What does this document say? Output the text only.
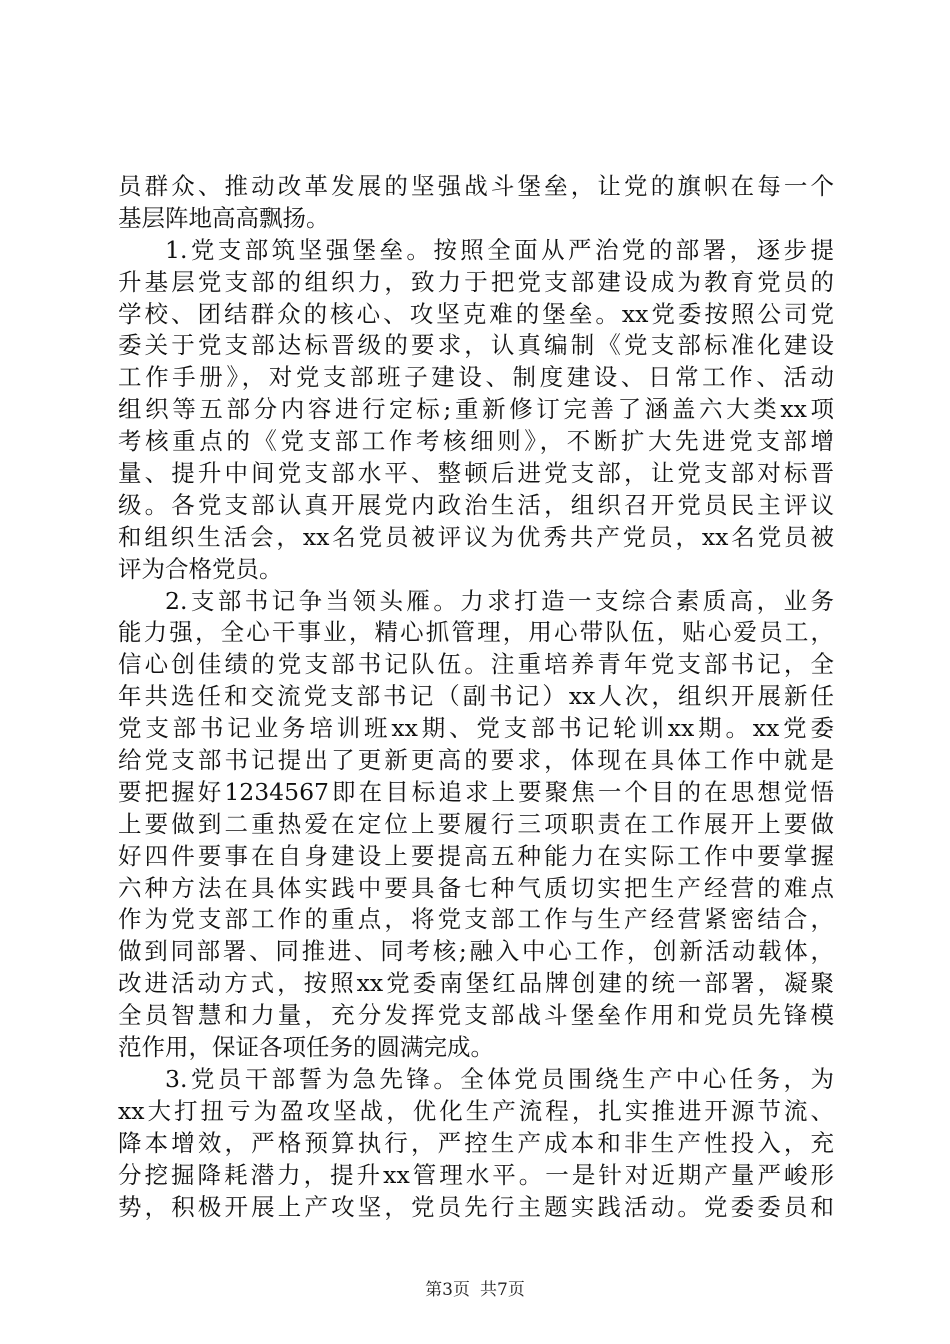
员群众、推动改革发展的坚强战斗堡垒，让党的旗帜在每一个
基层阵地高高飘扬。
1.党支部筑坚强堡垒。按照全面从严治党的部署，逐步提
升基层党支部的组织力，致力于把党支部建设成为教育党员的
学校、团结群众的核心、攻坚克难的堡垒。xx党委按照公司党
委关于党支部达标晋级的要求，认真编制《党支部标准化建设
工作手册》，对党支部班子建设、制度建设、日常工作、活动
组织等五部分内容进行定标;重新修订完善了涵盖六大类xx项
考核重点的《党支部工作考核细则》，不断扩大先进党支部增
量、提升中间党支部水平、整顿后进党支部，让党支部对标晋
级。各党支部认真开展党内政治生活，组织召开党员民主评议
和组织生活会，xx名党员被评议为优秀共产党员，xx名党员被
评为合格党员。
2.支部书记争当领头雁。力求打造一支综合素质高，业务
能力强，全心干事业，精心抓管理，用心带队伍，贴心爱员工，
信心创佳绩的党支部书记队伍。注重培养青年党支部书记，全
年共选任和交流党支部书记（副书记）xx人次，组织开展新任
党支部书记业务培训班xx期、党支部书记轮训xx期。xx党委
给党支部书记提出了更新更高的要求，体现在具体工作中就是
要把握好1234567即在目标追求上要聚焦一个目的在思想觉悟
上要做到二重热爱在定位上要履行三项职责在工作展开上要做
好四件要事在自身建设上要提高五种能力在实际工作中要掌握
六种方法在具体实践中要具备七种气质切实把生产经营的难点
作为党支部工作的重点，将党支部工作与生产经营紧密结合，
做到同部署、同推进、同考核;融入中心工作，创新活动载体，
改进活动方式，按照xx党委南堡红品牌创建的统一部署，凝聚
全员智慧和力量，充分发挥党支部战斗堡垒作用和党员先锋模
范作用，保证各项任务的圆满完成。
3.党员干部誓为急先锋。全体党员围绕生产中心任务，为
xx大打扭亏为盈攻坚战，优化生产流程，扎实推进开源节流、
降本增效，严格预算执行，严控生产成本和非生产性投入，充
分挖掘降耗潜力，提升xx管理水平。一是针对近期产量严峻形
势，积极开展上产攻坚，党员先行主题实践活动。党委委员和
第3页 共7页
